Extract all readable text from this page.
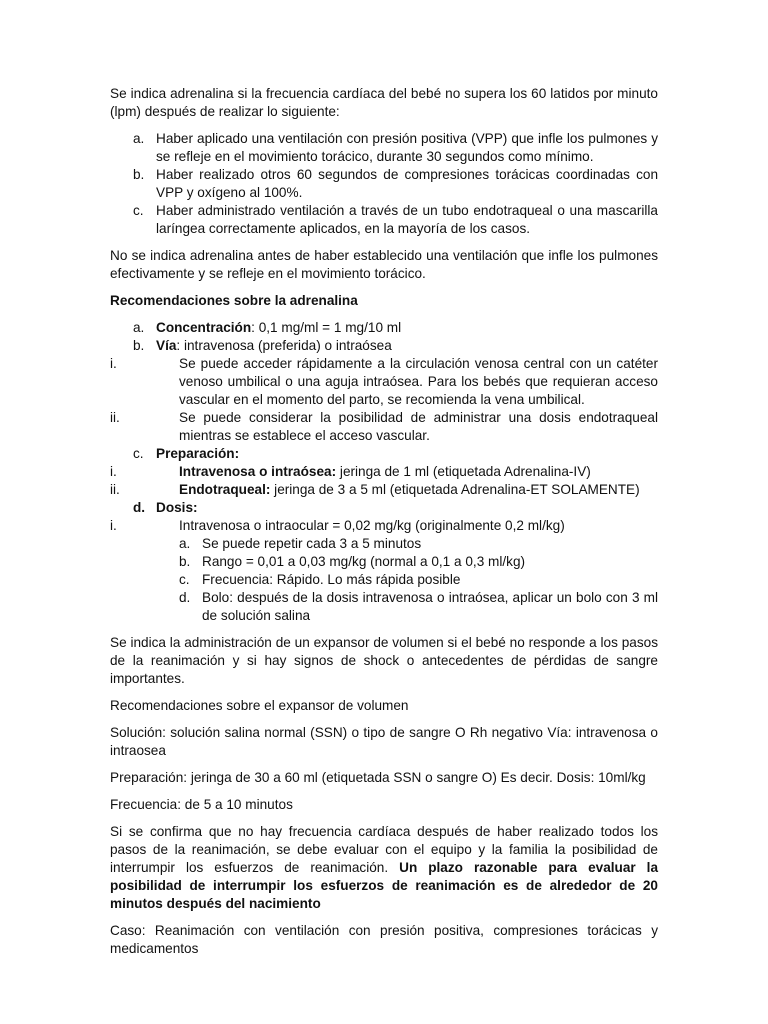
Se indica adrenalina si la frecuencia cardíaca del bebé no supera los 60 latidos por minuto (lpm) después de realizar lo siguiente:

a. Haber aplicado una ventilación con presión positiva (VPP) que infle los pulmones y se refleje en el movimiento torácico, durante 30 segundos como mínimo.
b. Haber realizado otros 60 segundos de compresiones torácicas coordinadas con VPP y oxígeno al 100%.
c. Haber administrado ventilación a través de un tubo endotraqueal o una mascarilla laríngea correctamente aplicados, en la mayoría de los casos.

No se indica adrenalina antes de haber establecido una ventilación que infle los pulmones efectivamente y se refleje en el movimiento torácico.

Recomendaciones sobre la adrenalina

a. Concentración: 0,1 mg/ml = 1 mg/10 ml
b. Vía: intravenosa (preferida) o intraósea
i.	Se puede acceder rápidamente a la circulación venosa central con un catéter venoso umbilical o una aguja intraósea. Para los bebés que requieran acceso vascular en el momento del parto, se recomienda la vena umbilical.
ii.	Se puede considerar la posibilidad de administrar una dosis endotraqueal mientras se establece el acceso vascular.
c. Preparación:
i.	Intravenosa o intraósea: jeringa de 1 ml (etiquetada Adrenalina-IV)
ii.	Endotraqueal: jeringa de 3 a 5 ml (etiquetada Adrenalina-ET SOLAMENTE)
d. Dosis:
i.	Intravenosa o intraocular = 0,02 mg/kg (originalmente 0,2 ml/kg)
a. Se puede repetir cada 3 a 5 minutos
b. Rango = 0,01 a 0,03 mg/kg (normal a 0,1 a 0,3 ml/kg)
c. Frecuencia: Rápido. Lo más rápida posible
d. Bolo: después de la dosis intravenosa o intraósea, aplicar un bolo con 3 ml de solución salina

Se indica la administración de un expansor de volumen si el bebé no responde a los pasos de la reanimación y si hay signos de shock o antecedentes de pérdidas de sangre importantes.

Recomendaciones sobre el expansor de volumen

Solución: solución salina normal (SSN) o tipo de sangre O Rh negativo Vía: intravenosa o intraosea

Preparación: jeringa de 30 a 60 ml (etiquetada SSN o sangre O) Es decir. Dosis: 10ml/kg

Frecuencia: de 5 a 10 minutos

Si se confirma que no hay frecuencia cardíaca después de haber realizado todos los pasos de la reanimación, se debe evaluar con el equipo y la familia la posibilidad de interrumpir los esfuerzos de reanimación. Un plazo razonable para evaluar la posibilidad de interrumpir los esfuerzos de reanimación es de alrededor de 20 minutos después del nacimiento

Caso: Reanimación con ventilación con presión positiva, compresiones torácicas y medicamentos
